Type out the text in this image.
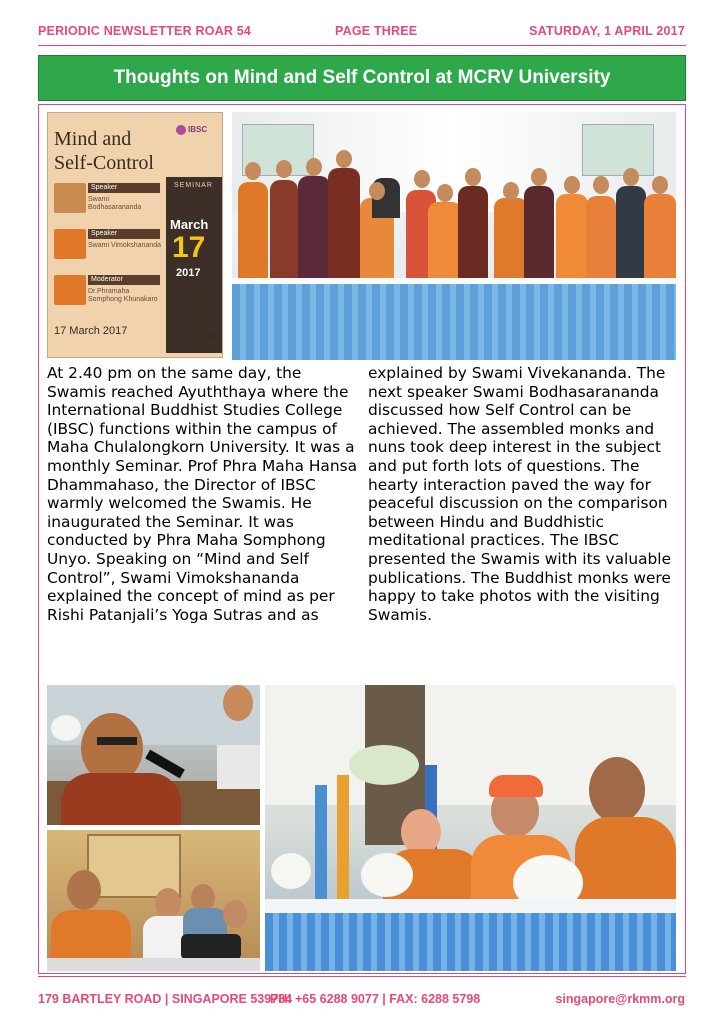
PERIODIC NEWSLETTER ROAR 54	PAGE THREE	SATURDAY, 1 APRIL 2017
Thoughts on Mind and Self Control at MCRV University
Mind and
Self-Control
IBSC
MONTHLY
SEMINAR
March
17
2017
Speaker
Swami Bodhasarananda
Speaker
Swami Vimokshananda
Moderator
Dr.Phramaha Somphong Khunakaro
17 March 2017
02.40 PM

At 2.40 pm on the same day, the Swamis reached Ayuththaya where the International Buddhist Studies College (IBSC) functions within the campus of Maha Chulalongkorn University. It was a monthly Seminar. Prof Phra Maha Hansa Dhammahaso, the Director of IBSC warmly welcomed the Swamis. He inaugurated the Seminar. It was conducted by Phra Maha Somphong Unyo. Speaking on “Mind and Self Control”, Swami Vimokshananda explained the concept of mind as per Rishi Patanjali’s Yoga Sutras and as

explained by Swami Vivekananda. The next speaker Swami Bodhasarananda discussed how Self Control can be achieved. The assembled monks and nuns took deep interest in the subject and put forth lots of questions. The hearty interaction paved the way for peaceful discussion on the comparison between Hindu and Buddhistic meditational practices. The IBSC presented the Swamis with its valuable publications. The Buddhist monks were happy to take photos with the visiting Swamis.

179 BARTLEY ROAD | SINGAPORE 539784
PH: +65 6288 9077 | FAX: 6288 5798	singapore@rkmm.org
